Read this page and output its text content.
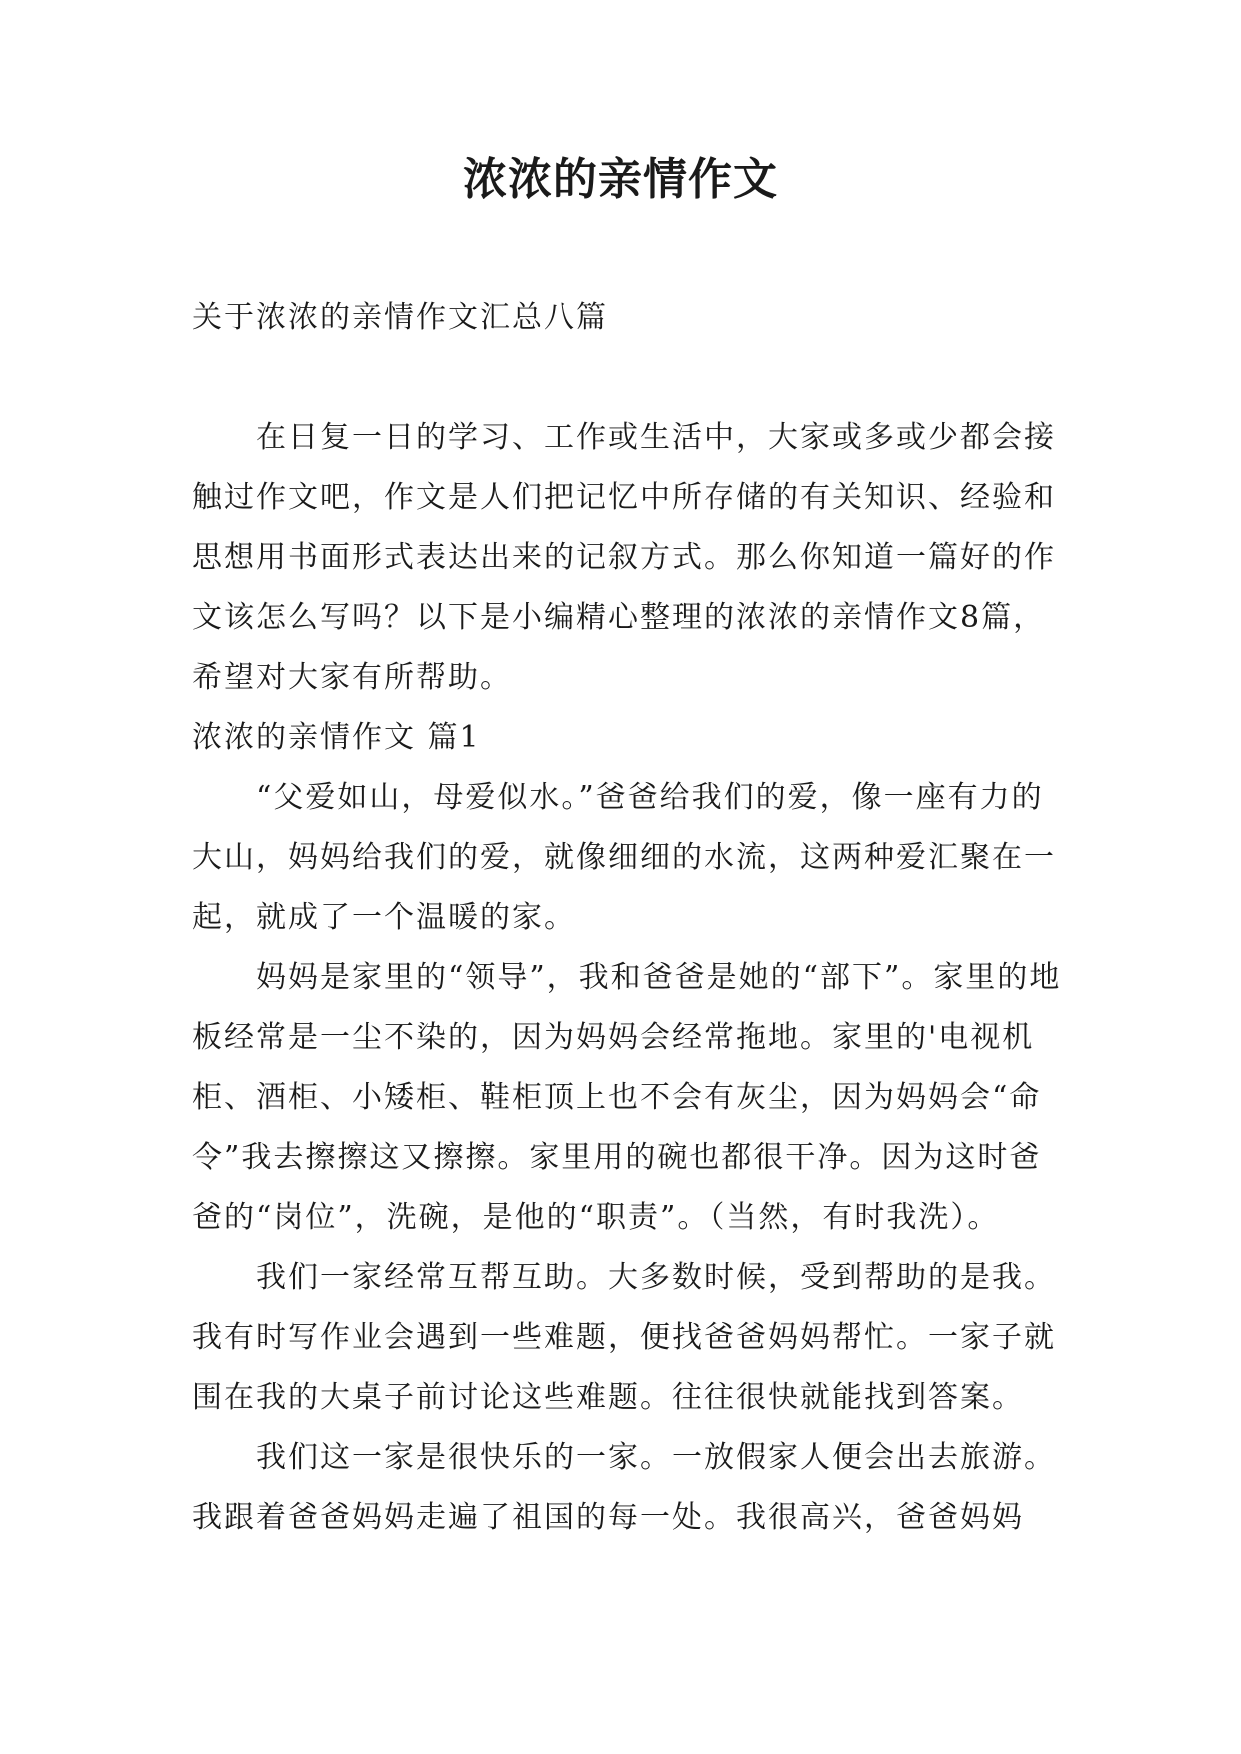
浓浓的亲情作文

关于浓浓的亲情作文汇总八篇

在日复一日的学习、工作或生活中，大家或多或少都会接触过作文吧，作文是人们把记忆中所存储的有关知识、经验和思想用书面形式表达出来的记叙方式。那么你知道一篇好的作文该怎么写吗？以下是小编精心整理的浓浓的亲情作文8篇，希望对大家有所帮助。

浓浓的亲情作文 篇1

“父爱如山，母爱似水。”爸爸给我们的爱，像一座有力的大山，妈妈给我们的爱，就像细细的水流，这两种爱汇聚在一起，就成了一个温暖的家。

妈妈是家里的“领导”，我和爸爸是她的“部下”。家里的地板经常是一尘不染的，因为妈妈会经常拖地。家里的'电视机柜、酒柜、小矮柜、鞋柜顶上也不会有灰尘，因为妈妈会“命令”我去擦擦这又擦擦。家里用的碗也都很干净。因为这时爸爸的“岗位”，洗碗，是他的“职责”。（当然，有时我洗）。

我们一家经常互帮互助。大多数时候，受到帮助的是我。我有时写作业会遇到一些难题，便找爸爸妈妈帮忙。一家子就围在我的大桌子前讨论这些难题。往往很快就能找到答案。

我们这一家是很快乐的一家。一放假家人便会出去旅游。我跟着爸爸妈妈走遍了祖国的每一处。我很高兴，爸爸妈妈
